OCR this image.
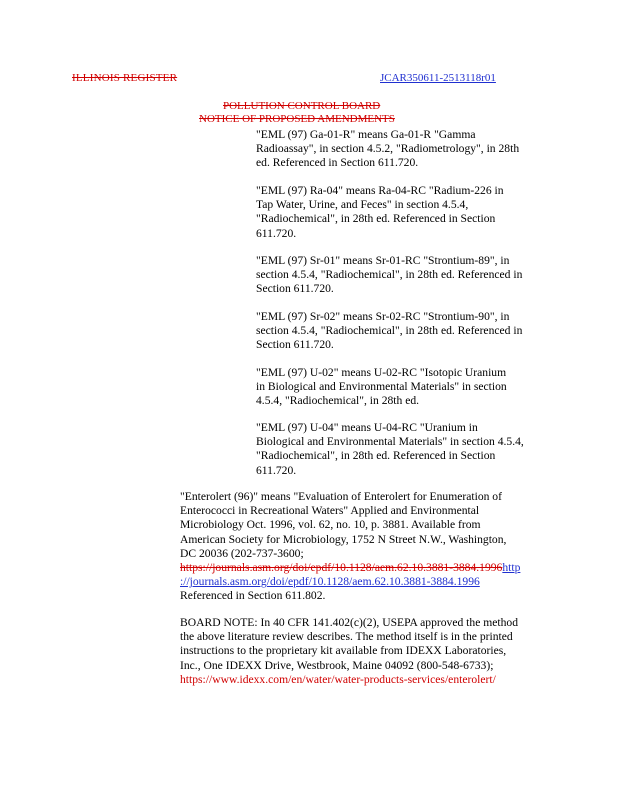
ILLINOIS REGISTER	JCAR350611-2513118r01
POLLUTION CONTROL BOARD
NOTICE OF PROPOSED AMENDMENTS
"EML (97) Ga-01-R" means Ga-01-R "Gamma
Radioassay", in section 4.5.2, "Radiometrology", in 28th
ed. Referenced in Section 611.720.
"EML (97) Ra-04" means Ra-04-RC "Radium-226 in
Tap Water, Urine, and Feces" in section 4.5.4,
"Radiochemical", in 28th ed. Referenced in Section
611.720.
"EML (97) Sr-01" means Sr-01-RC "Strontium-89", in
section 4.5.4, "Radiochemical", in 28th ed. Referenced in
Section 611.720.
"EML (97) Sr-02" means Sr-02-RC "Strontium-90", in
section 4.5.4, "Radiochemical", in 28th ed. Referenced in
Section 611.720.
"EML (97) U-02" means U-02-RC "Isotopic Uranium
in Biological and Environmental Materials" in section
4.5.4, "Radiochemical", in 28th ed.
"EML (97) U-04" means U-04-RC "Uranium in
Biological and Environmental Materials" in section 4.5.4,
"Radiochemical", in 28th ed. Referenced in Section
611.720.
"Enterolert (96)" means "Evaluation of Enterolert for Enumeration of
Enterococci in Recreational Waters" Applied and Environmental
Microbiology Oct. 1996, vol. 62, no. 10, p. 3881. Available from
American Society for Microbiology, 1752 N Street N.W., Washington,
DC 20036 (202-737-3600;
https://journals.asm.org/doi/epdf/10.1128/aem.62.10.3881-3884.1996http
://journals.asm.org/doi/epdf/10.1128/aem.62.10.3881-3884.1996
Referenced in Section 611.802.
BOARD NOTE: In 40 CFR 141.402(c)(2), USEPA approved the method
the above literature review describes. The method itself is in the printed
instructions to the proprietary kit available from IDEXX Laboratories,
Inc., One IDEXX Drive, Westbrook, Maine 04092 (800-548-6733);
https://www.idexx.com/en/water/water-products-services/enterolert/
